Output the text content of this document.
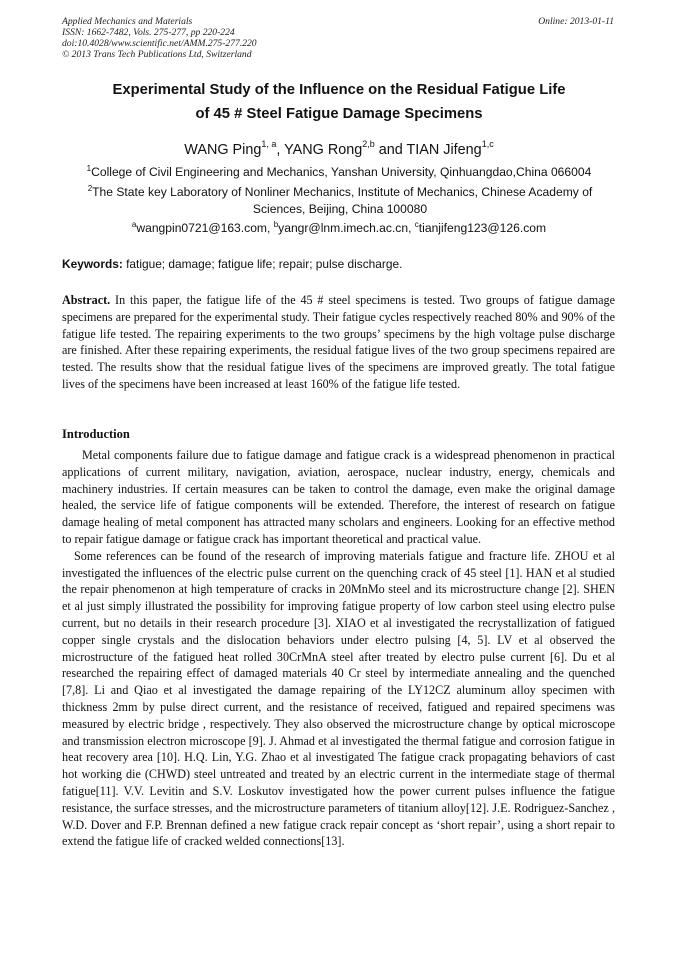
Applied Mechanics and Materials
ISSN: 1662-7482, Vols. 275-277, pp 220-224
doi:10.4028/www.scientific.net/AMM.275-277.220
© 2013 Trans Tech Publications Ltd, Switzerland
Online: 2013-01-11
Experimental Study of the Influence on the Residual Fatigue Life
of 45 # Steel Fatigue Damage Specimens
WANG Ping$^{1, a}$, YANG Rong$^{2,b}$ and TIAN Jifeng$^{1,c}$
$^1$College of Civil Engineering and Mechanics, Yanshan University, Qinhuangdao,China 066004
$^2$The State key Laboratory of Nonliner Mechanics, Institute of Mechanics, Chinese Academy of Sciences, Beijing, China 100080
$^a$wangpin0721@163.com, $^b$yangr@lnm.imech.ac.cn, $^c$tianjifeng123@126.com
Keywords: fatigue; damage; fatigue life; repair; pulse discharge.
Abstract. In this paper, the fatigue life of the 45 # steel specimens is tested. Two groups of fatigue damage specimens are prepared for the experimental study. Their fatigue cycles respectively reached 80% and 90% of the fatigue life tested. The repairing experiments to the two groups’ specimens by the high voltage pulse discharge are finished. After these repairing experiments, the residual fatigue lives of the two group specimens repaired are tested. The results show that the residual fatigue lives of the specimens are improved greatly. The total fatigue lives of the specimens have been increased at least 160% of the fatigue life tested.
Introduction

Metal components failure due to fatigue damage and fatigue crack is a widespread phenomenon in practical applications of current military, navigation, aviation, aerospace, nuclear industry, energy, chemicals and machinery industries. If certain measures can be taken to control the damage, even make the original damage healed, the service life of fatigue components will be extended. Therefore, the interest of research on fatigue damage healing of metal component has attracted many scholars and engineers. Looking for an effective method to repair fatigue damage or fatigue crack has important theoretical and practical value.

Some references can be found of the research of improving materials fatigue and fracture life. ZHOU et al investigated the influences of the electric pulse current on the quenching crack of 45 steel [1]. HAN et al studied the repair phenomenon at high temperature of cracks in 20MnMo steel and its microstructure change [2]. SHEN et al just simply illustrated the possibility for improving fatigue property of low carbon steel using electro pulse current, but no details in their research procedure [3]. XIAO et al investigated the recrystallization of fatigued copper single crystals and the dislocation behaviors under electro pulsing [4, 5]. LV et al observed the microstructure of the fatigued heat rolled 30CrMnA steel after treated by electro pulse current [6]. Du et al researched the repairing effect of damaged materials 40 Cr steel by intermediate annealing and the quenched [7,8]. Li and Qiao et al investigated the damage repairing of the LY12CZ aluminum alloy specimen with thickness 2mm by pulse direct current, and the resistance of received, fatigued and repaired specimens was measured by electric bridge , respectively. They also observed the microstructure change by optical microscope and transmission electron microscope [9]. J. Ahmad et al investigated the thermal fatigue and corrosion fatigue in heat recovery area [10]. H.Q. Lin, Y.G. Zhao et al investigated The fatigue crack propagating behaviors of cast hot working die (CHWD) steel untreated and treated by an electric current in the intermediate stage of thermal fatigue[11]. V.V. Levitin and S.V. Loskutov investigated how the power current pulses influence the fatigue resistance, the surface stresses, and the microstructure parameters of titanium alloy[12]. J.E. Rodriguez-Sanchez , W.D. Dover and F.P. Brennan defined a new fatigue crack repair concept as ‘short repair’, using a short repair to extend the fatigue life of cracked welded connections[13].
